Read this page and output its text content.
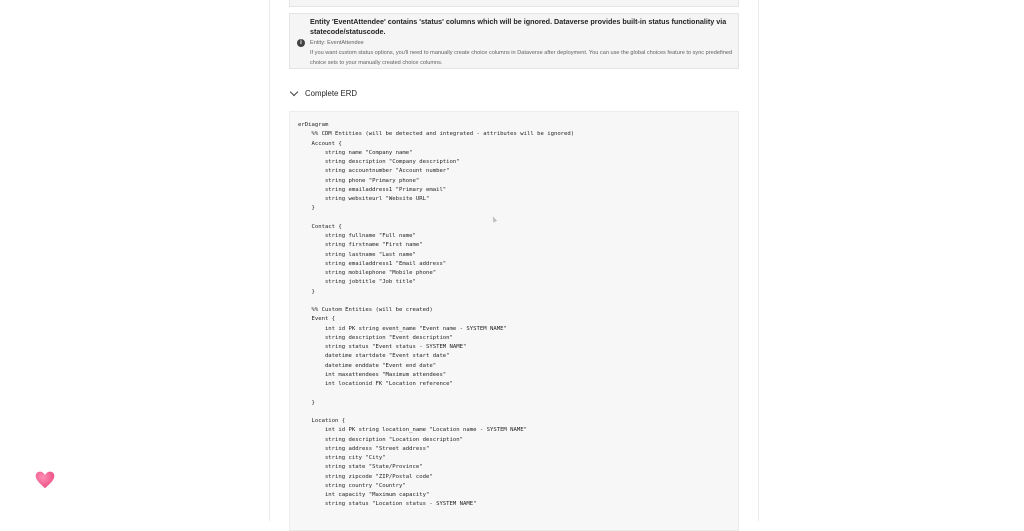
Entity 'EventAttendee' contains 'status' columns which will be ignored. Dataverse provides built-in status functionality via statecode/statuscode.
i	Entity: EventAttendee
If you want custom status options, you'll need to manually create choice columns in Dataverse after deployment. You can use the global choices feature to sync predefined choice sets to your manually created choice columns.
Complete ERD
erDiagram
%% CDM Entities (will be detected and integrated - attributes will be ignored)
Account {
string name "Company name"
string description "Company description"
string accountnumber "Account number"
string phone "Primary phone"
string emailaddress1 "Primary email"
string websiteurl "Website URL"
}
Contact {
string fullname "Full name"
string firstname "First name"
string lastname "Last name"
string emailaddress1 "Email address"
string mobilephone "Mobile phone"
string jobtitle "Job title"
}
%% Custom Entities (will be created)
Event {
int id PK string event_name "Event name - SYSTEM NAME"
string description "Event description"
string status "Event status - SYSTEM NAME"
datetime startdate "Event start date"
datetime enddate "Event end date"
int maxattendees "Maximum attendees"
int locationid FK "Location reference"
}
Location {
int id PK string location_name "Location name - SYSTEM NAME"
string description "Location description"
string address "Street address"
string city "City"
string state "State/Province"
string zipcode "ZIP/Postal code"
string country "Country"
int capacity "Maximum capacity"
string status "Location status - SYSTEM NAME"
